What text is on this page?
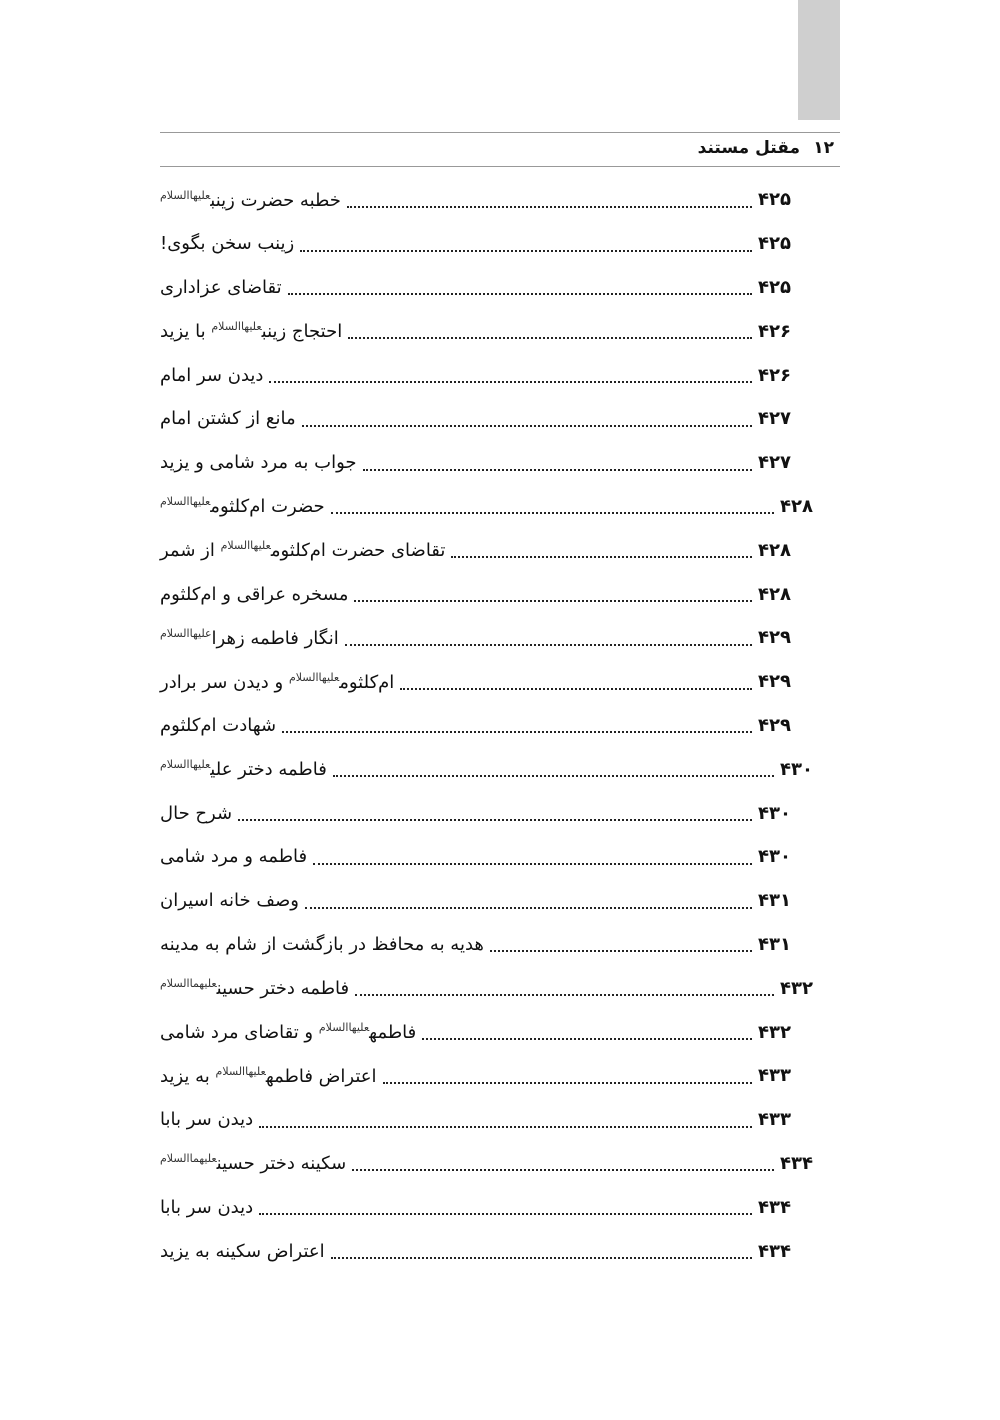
۱۲
مقتل مستند
خطبه حضرت زینب$^{علیهاالسلام}$	۴۲۵
زینب سخن بگوی!	۴۲۵
تقاضای عزاداری	۴۲۵
احتجاج زینب$^{علیهاالسلام}$ با یزید	۴۲۶
دیدن سر امام	۴۲۶
مانع از کشتن امام	۴۲۷
جواب به مرد شامی و یزید	۴۲۷
حضرت ام‌کلثوم$^{علیهاالسلام}$	۴۲۸
تقاضای حضرت ام‌کلثوم$^{علیهاالسلام}$ از شمر	۴۲۸
مسخره عراقی و ام‌کلثوم	۴۲۸
انگار فاطمه زهرا$^{علیهاالسلام}$	۴۲۹
ام‌کلثوم$^{علیهاالسلام}$ و دیدن سر برادر	۴۲۹
شهادت ام‌کلثوم	۴۲۹
فاطمه دختر علی$^{علیهاالسلام}$	۴۳۰
شرح حال	۴۳۰
فاطمه و مرد شامی	۴۳۰
وصف خانه اسیران	۴۳۱
هدیه به محافظ در بازگشت از شام به مدینه	۴۳۱
فاطمه دختر حسین$^{علیهماالسلام}$	۴۳۲
فاطمه$^{علیهاالسلام}$ و تقاضای مرد شامی	۴۳۲
اعتراض فاطمه$^{علیهاالسلام}$ به یزید	۴۳۳
دیدن سر بابا	۴۳۳
سکینه دختر حسین$^{علیهماالسلام}$	۴۳۴
دیدن سر بابا	۴۳۴
اعتراض سکینه به یزید	۴۳۴
